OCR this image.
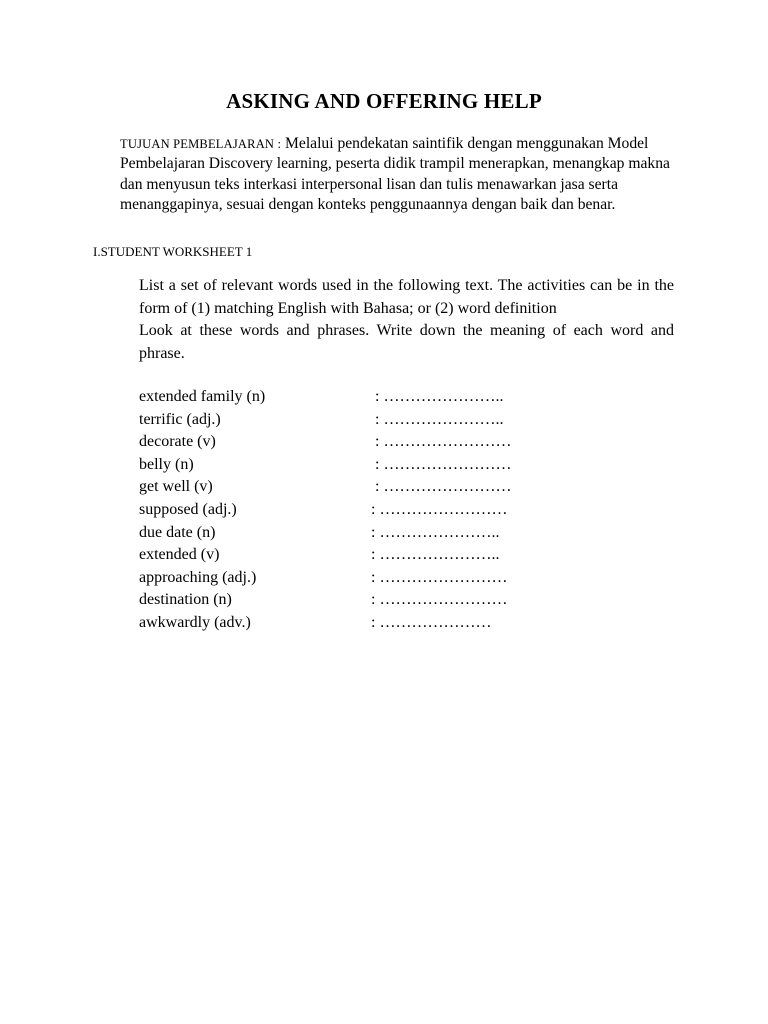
ASKING AND OFFERING HELP
TUJUAN PEMBELAJARAN : Melalui pendekatan saintifik dengan menggunakan Model Pembelajaran Discovery learning, peserta didik trampil menerapkan, menangkap makna dan menyusun teks interkasi interpersonal lisan dan tulis menawarkan jasa serta menanggapinya, sesuai dengan konteks penggunaannya dengan baik dan benar.
I.STUDENT WORKSHEET 1

List a set of relevant words used in the following text. The activities can be in the form of (1) matching English with Bahasa; or (2) word definition

Look at these words and phrases. Write down the meaning of each word and phrase.

extended family (n)	: …………………..
terrific (adj.)	: …………………..
decorate (v)	: ……………………
belly (n)	: ……………………
get well (v)	: ……………………
supposed (adj.)	: ……………………
due date (n)	: …………………..
extended (v)	: …………………..
approaching (adj.)	: ……………………
destination (n)	: ……………………
awkwardly (adv.)	: …………………
